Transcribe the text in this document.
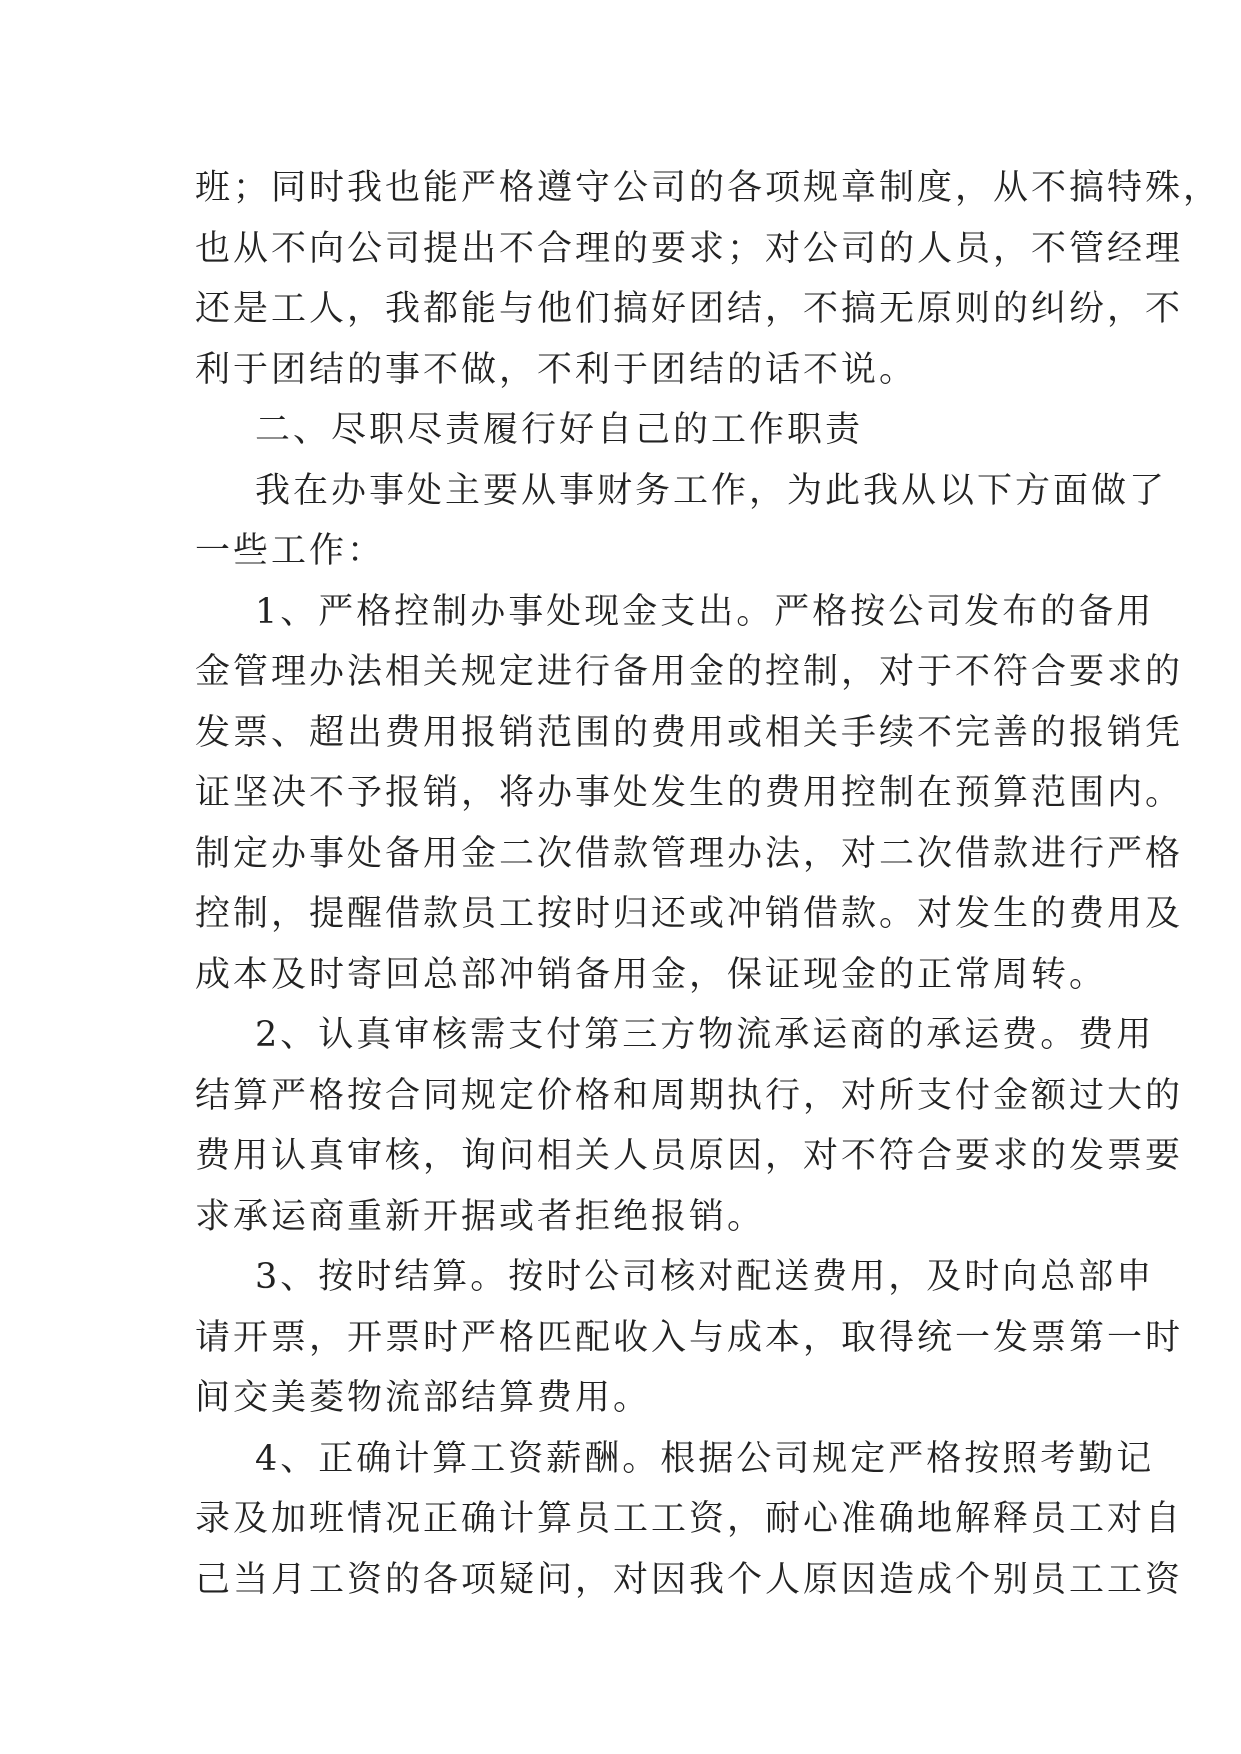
班；同时我也能严格遵守公司的各项规章制度，从不搞特殊，
也从不向公司提出不合理的要求；对公司的人员，不管经理
还是工人，我都能与他们搞好团结，不搞无原则的纠纷，不
利于团结的事不做，不利于团结的话不说。
二、尽职尽责履行好自己的工作职责
我在办事处主要从事财务工作，为此我从以下方面做了
一些工作：
1、严格控制办事处现金支出。严格按公司发布的备用
金管理办法相关规定进行备用金的控制，对于不符合要求的
发票、超出费用报销范围的费用或相关手续不完善的报销凭
证坚决不予报销，将办事处发生的费用控制在预算范围内。
制定办事处备用金二次借款管理办法，对二次借款进行严格
控制，提醒借款员工按时归还或冲销借款。对发生的费用及
成本及时寄回总部冲销备用金，保证现金的正常周转。
2、认真审核需支付第三方物流承运商的承运费。费用
结算严格按合同规定价格和周期执行，对所支付金额过大的
费用认真审核，询问相关人员原因，对不符合要求的发票要
求承运商重新开据或者拒绝报销。
3、按时结算。按时公司核对配送费用，及时向总部申
请开票，开票时严格匹配收入与成本，取得统一发票第一时
间交美菱物流部结算费用。
4、正确计算工资薪酬。根据公司规定严格按照考勤记
录及加班情况正确计算员工工资，耐心准确地解释员工对自
己当月工资的各项疑问，对因我个人原因造成个别员工工资
